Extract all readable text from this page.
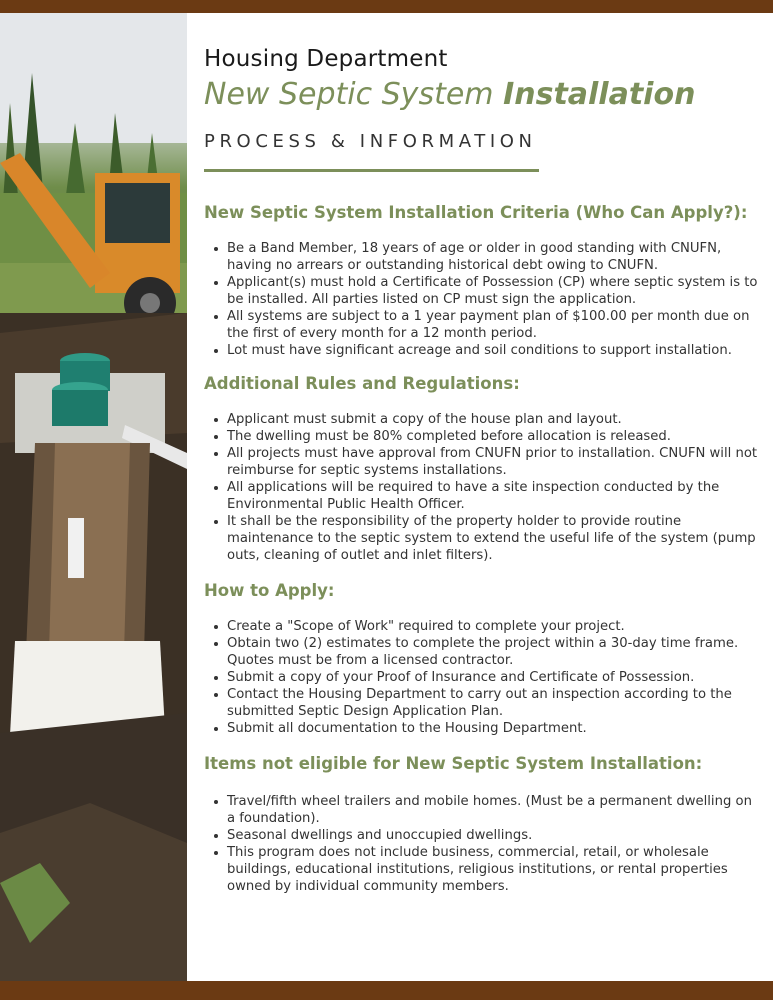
Housing Department

New Septic System Installation

PROCESS & INFORMATION

New Septic System Installation Criteria (Who Can Apply?):

Be a Band Member, 18 years of age or older in good standing with CNUFN, having no arrears or outstanding historical debt owing to CNUFN.
Applicant(s) must hold a Certificate of Possession (CP) where septic system is to be installed. All parties listed on CP must sign the application.
All systems are subject to a 1 year payment plan of $100.00 per month due on the first of every month for a 12 month period.
Lot must have significant acreage and soil conditions to support installation.

Additional Rules and Regulations:

Applicant must submit a copy of the house plan and layout.
The dwelling must be 80% completed before allocation is released.
All projects must have approval from CNUFN prior to installation. CNUFN will not reimburse for septic systems installations.
All applications will be required to have a site inspection conducted by the Environmental Public Health Officer.
It shall be the responsibility of the property holder to provide routine maintenance to the septic system to extend the useful life of the system (pump outs, cleaning of outlet and inlet filters).

How to Apply:

Create a "Scope of Work" required to complete your project.
Obtain two (2) estimates to complete the project within a 30-day time frame. Quotes must be from a licensed contractor.
Submit a copy of your Proof of Insurance and Certificate of Possession.
Contact the Housing Department to carry out an inspection according to the submitted Septic Design Application Plan.
Submit all documentation to the Housing Department.

Items not eligible for New Septic System Installation:

Travel/fifth wheel trailers and mobile homes. (Must be a permanent dwelling on a foundation).
Seasonal dwellings and unoccupied dwellings.
This program does not include business, commercial, retail, or wholesale buildings, educational institutions, religious institutions, or rental properties owned by individual community members.
